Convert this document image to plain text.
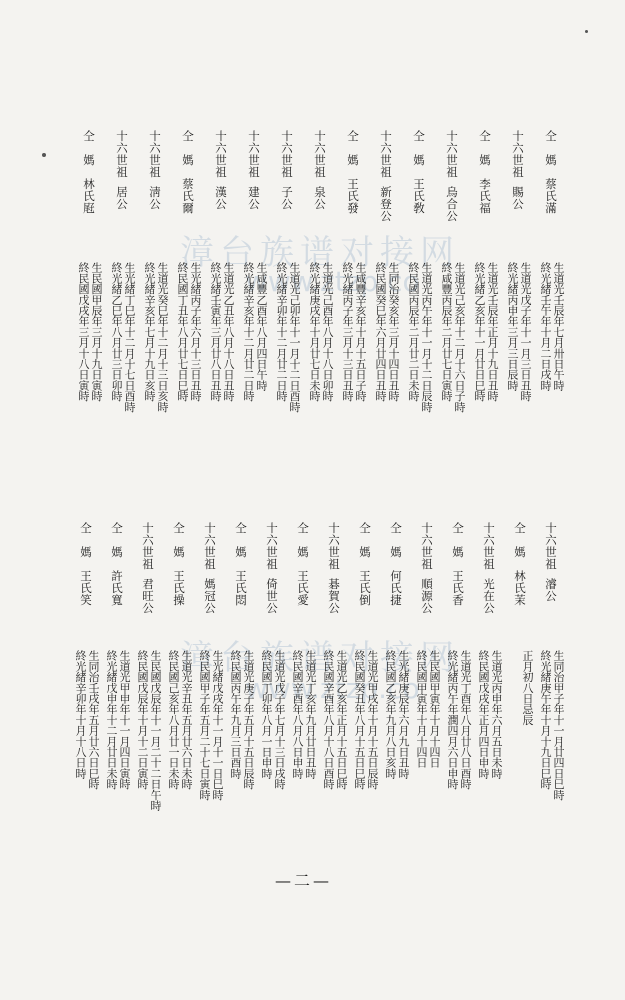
漳台族谱对接网
www.ztzp.co
漳台族谱对接网
www.ztzp.co
仝　媽　蔡氏滿
生道光壬辰年七月卅日午時
終光緒壬午年十月二日戌時
十六世祖
賜公
生道光戊子年十一月三日丑時
終光緒丙申年三月三日辰時
仝　媽　李氏福
生道光壬辰年正月十九日丑時
終光緒乙亥年十一月廿日巳時
十六世祖
烏合公
生道光己亥年十二月十六日子時
終咸豐丙辰年二月廿七日寅時
仝　媽　王氏敎
生道光丙午年十一月十二日辰時
終民國丙辰年二月廿二日未時
十六世祖
新登公
生同治癸亥年三月十四日丑時
終民國癸巳年六月廿四日丑時
仝　媽　王氏發
生咸豐辛亥年十月十五日子時
終光緒丙子年三月十三日丑時
十六世祖
泉公
生道光己酉年八月十八日卯時
終光緒庚戌年十月廿七日未時
十六世祖
子公
生道光己卯年十一月十二日酉時
終光緒辛卯年十二月廿二日時
十六世祖
建公
生咸豐乙酉年八月四日午時
終光緒辛亥年十二月廿二日時
十六世祖
漢公
生道光乙丑年八月十八日丑時
終光緒壬寅年三月廿八日丑時
仝　媽　蔡氏爾
生光緒丙子年六月十三日丑時
終民國丁丑年八月廿七日巳時
十六世祖
淸公
生道光癸巳年十二月十三日亥時
終光緒辛亥年七月十九日亥時
十六世祖
居公
生光緒丁巳年十二月十七日酉時
終光緒乙巳年八月廿三日卯時
仝　媽　林氏屘
生民國甲辰年三月十九日寅時
終民國戊戌年三月十八日寅時
十六世祖
濬公
生同治甲子年十一月廿四日巳時
終光緒庚午年十月十九日巳時
仝　媽　林氏茉
正月初八日忌辰
十六世祖
光在公
生道光丙申年六月五日未時
終民國戊戌年正月四日申時
仝　媽　王氏香
生道光丁酉年八月廿八日酉時
終光緒丙午年潤四月六日申時
十六世祖
順源公
生民國甲寅年十月十四日
終民國甲寅年十月十四日
仝　媽　何氏捷
生光緒庚辰年六月九日丑時
終民國乙亥年九月八日亥時
仝　媽　王氏倒
生道光甲戌年十月十五日辰時
終民國癸丑年八月十五日巳時
十六世祖
碁賀公
生道光乙亥年正月十五日巳時
終民國辛酉年八月十八日酉時
仝　媽　王氏愛
生道光丁亥年九月廿日丑時
終民國辛酉年八月八日申時
十六世祖
倚世公
生道光戊子年七月十三日戌時
終民國丁卯年八月一日申時
仝　媽　王氏悶
生道光庚子年五月十五日辰時
終民國丙午年九月三日酉時
十六世祖
媽冠公
生光緒戊戌年十一月十一日巳時
終民國甲子年五月二十七日寅時
仝　媽　王氏操
生道光辛丑年五月廿六日未時
終民國己亥年八月廿一日未時
十六世祖
君旺公
生民國戊辰年十一月二十二日午時
終民國戊辰年十月十二日寅時
仝　媽　許氏寬
生道光甲申年十一月四日寅時
終光緒戊申年十二月廿日未時
仝　媽　王氏笑
生同治壬戌年五月廿六日巳時
終光緒辛卯年十月十八日時
—二—
